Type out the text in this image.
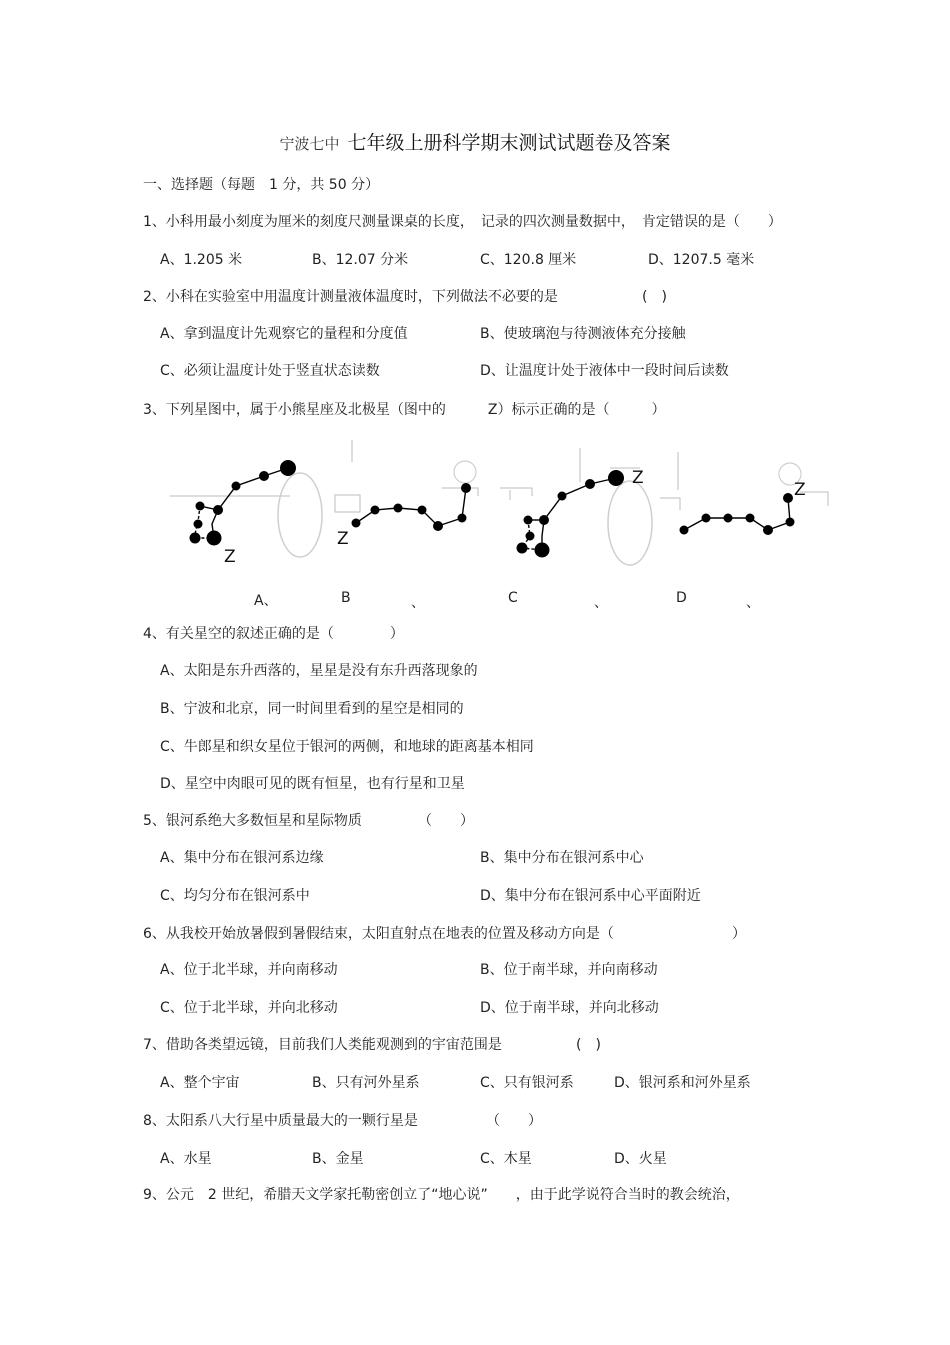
宁波七中 七年级上册科学期末测试试题卷及答案
一、选择题（每题　1 分，共 50 分）
1、小科用最小刻度为厘米的刻度尺测量课桌的长度，　记录的四次测量数据中，　肯定错误的是（　　）
A、1.205 米	B、12.07 分米	C、120.8 厘米	D、1207.5 毫米
2、小科在实验室中用温度计测量液体温度时，下列做法不必要的是	(　)
A、拿到温度计先观察它的量程和分度值	B、使玻璃泡与待测液体充分接触
C、必须让温度计处于竖直状态读数	D、让温度计处于液体中一段时间后读数
3、下列星图中，属于小熊星座及北极星（图中的　　　Z）标示正确的是（　　　）
Z
Z
Z
Z
A、	B	、	C	、	D	、
4、有关星空的叙述正确的是（　　　　）
A、太阳是东升西落的，星星是没有东升西落现象的
B、宁波和北京，同一时间里看到的星空是相同的
C、牛郎星和织女星位于银河的两侧，和地球的距离基本相同
D、星空中肉眼可见的既有恒星，也有行星和卫星
5、银河系绝大多数恒星和星际物质	（　　）
A、集中分布在银河系边缘	B、集中分布在银河系中心
C、均匀分布在银河系中	D、集中分布在银河系中心平面附近
6、从我校开始放暑假到暑假结束，太阳直射点在地表的位置及移动方向是（	）
A、位于北半球，并向南移动	B、位于南半球，并向南移动
C、位于北半球，并向北移动	D、位于南半球，并向北移动
7、借助各类望远镜，目前我们人类能观测到的宇宙范围是	(　)
A、整个宇宙	B、只有河外星系	C、只有银河系	D、银河系和河外星系
8、太阳系八大行星中质量最大的一颗行星是	（　　）
A、水星	B、金星	C、木星	D、火星
9、公元　2 世纪，希腊天文学家托勒密创立了“地心说”　　，由于此学说符合当时的教会统治，
